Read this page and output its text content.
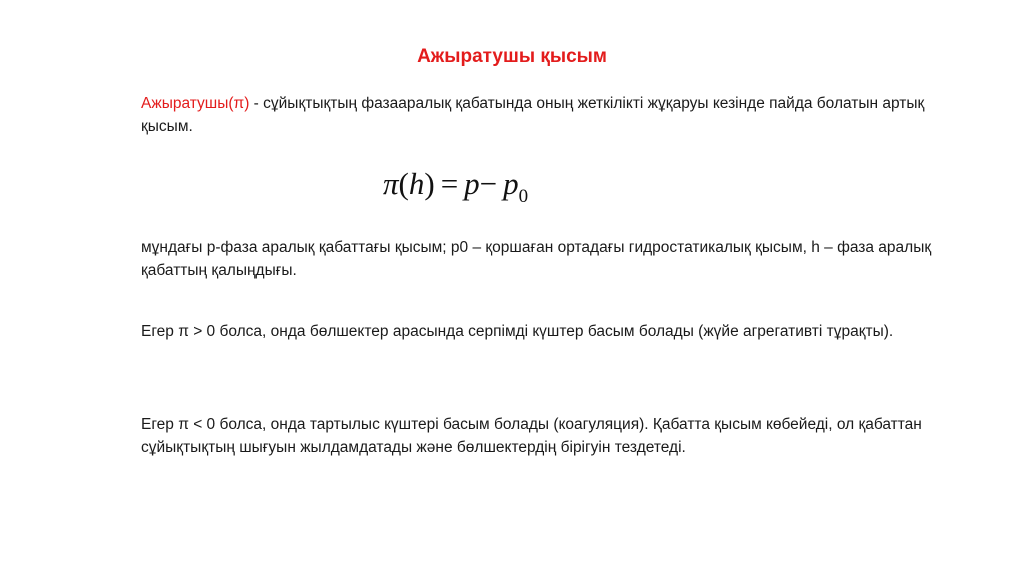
Ажыратушы қысым
Ажыратушы(π) - сұйықтықтың фазааралық қабатында оның жеткілікті жұқаруы кезінде пайда болатын артық қысым.
$\pi(h) = p- p_0$
мұндағы p-фаза аралық қабаттағы қысым; p0 – қоршаған ортадағы гидростатикалық қысым, h – фаза аралық қабаттың қалыңдығы.
Егер π > 0 болса, онда бөлшектер арасында серпімді күштер басым болады (жүйе агрегативті тұрақты).
Егер π < 0 болса, онда тартылыс күштері басым болады (коагуляция). Қабатта қысым көбейеді, ол қабаттан сұйықтықтың шығуын жылдамдатады және бөлшектердің бірігуін тездетеді.
